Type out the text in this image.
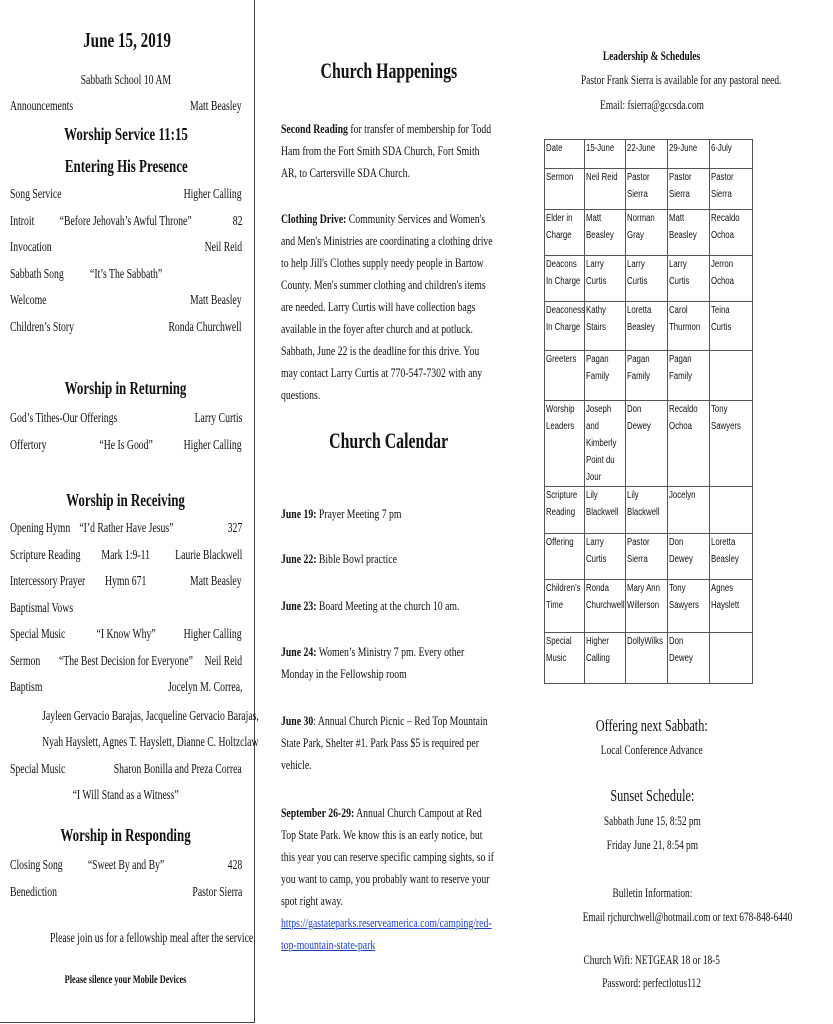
June 15, 2019
Sabbath School 10 AM
Announcements	Matt Beasley
Worship Service 11:15
Entering His Presence
Song Service	Higher Calling
Introit	“Before Jehovah’s Awful Throne”	82
Invocation	Neil Reid
Sabbath Song	“It’s The Sabbath”
Welcome	Matt Beasley
Children’s Story	Ronda Churchwell
Worship in Returning
God’s Tithes-Our Offerings	Larry Curtis
Offertory	“He Is Good”	Higher Calling
Worship in Receiving
Opening Hymn “I’d Rather Have Jesus”	327
Scripture Reading	Mark 1:9-11	Laurie Blackwell
Intercessory Prayer	Hymn 671	Matt Beasley
Baptismal Vows
Special Music	“I Know Why”	Higher Calling
Sermon	“The Best Decision for Everyone” Neil Reid
Baptism	Jocelyn M. Correa,
Jayleen Gervacio Barajas, Jacqueline Gervacio Barajas,
Nyah Hayslett, Agnes T. Hayslett, Dianne C. Holtzclaw
Special Music	Sharon Bonilla and Preza Correa
“I Will Stand as a Witness”
Worship in Responding
Closing Song	“Sweet By and By”	428
Benediction	Pastor Sierra
Please join us for a fellowship meal after the service.
Please silence your Mobile Devices
Church Happenings
Second Reading for transfer of membership for Todd Ham from the Fort Smith SDA Church, Fort Smith AR, to Cartersville SDA Church.
Clothing Drive: Community Services and Women's and Men's Ministries are coordinating a clothing drive to help Jill's Clothes supply needy people in Bartow County. Men's summer clothing and children's items are needed. Larry Curtis will have collection bags available in the foyer after church and at potluck. Sabbath, June 22 is the deadline for this drive. You may contact Larry Curtis at 770-547-7302 with any questions.
Church Calendar
June 19: Prayer Meeting 7 pm
June 22: Bible Bowl practice
June 23: Board Meeting at the church 10 am.
June 24: Women’s Ministry 7 pm. Every other Monday in the Fellowship room
June 30: Annual Church Picnic – Red Top Mountain State Park, Shelter #1. Park Pass $5 is required per vehicle.
September 26-29: Annual Church Campout at Red Top State Park. We know this is an early notice, but this year you can reserve specific camping sights, so if you want to camp, you probably want to reserve your spot right away. https://gastateparks.reserveamerica.com/camping/red-top-mountain-state-park
Leadership & Schedules
Pastor Frank Sierra is available for any pastoral need.
Email: fsierra@gccsda.com
Date	15-June	22-June	29-June	6-July
Sermon	Neil Reid	Pastor Sierra	Pastor Sierra	Pastor Sierra
Elder in Charge	Matt Beasley	Norman Gray	Matt Beasley	Recaldo Ochoa
Deacons In Charge	Larry Curtis	Larry Curtis	Larry Curtis	Jerron Ochoa
Deaconess In Charge	Kathy Stairs	Loretta Beasley	Carol Thurmon	Teina Curtis
Greeters	Pagan Family	Pagan Family	Pagan Family	
Worship Leaders	Joseph and Kimberly Point du Jour	Don Dewey	Recaldo Ochoa	Tony Sawyers
Scripture Reading	Lily Blackwell	Lily Blackwell	Jocelyn	
Offering	Larry Curtis	Pastor Sierra	Don Dewey	Loretta Beasley
Children’s Time	Ronda Churchwell	Mary Ann Willerson	Tony Sawyers	Agnes Hayslett
Special Music	Higher Calling	DollyWilks	Don Dewey	
Offering next Sabbath:
Local Conference Advance
Sunset Schedule:
Sabbath June 15, 8:52 pm
Friday June 21, 8:54 pm
Bulletin Information:
Email rjchurchwell@hotmail.com or text 678-848-6440
Church Wifi: NETGEAR 18 or 18-5
Password: perfectlotus112
